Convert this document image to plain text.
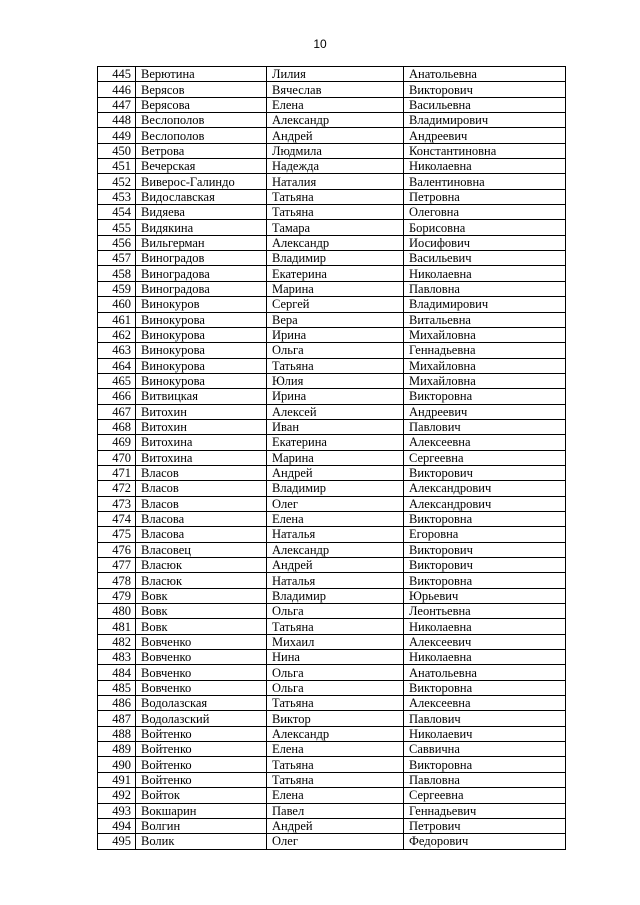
10
445	Верютина	Лилия	Анатольевна
446	Верясов	Вячеслав	Викторович
447	Верясова	Елена	Васильевна
448	Веслополов	Александр	Владимирович
449	Веслополов	Андрей	Андреевич
450	Ветрова	Людмила	Константиновна
451	Вечерская	Надежда	Николаевна
452	Виверос-Галиндо	Наталия	Валентиновна
453	Видославская	Татьяна	Петровна
454	Видяева	Татьяна	Олеговна
455	Видякина	Тамара	Борисовна
456	Вильгерман	Александр	Иосифович
457	Виноградов	Владимир	Васильевич
458	Виноградова	Екатерина	Николаевна
459	Виноградова	Марина	Павловна
460	Винокуров	Сергей	Владимирович
461	Винокурова	Вера	Витальевна
462	Винокурова	Ирина	Михайловна
463	Винокурова	Ольга	Геннадьевна
464	Винокурова	Татьяна	Михайловна
465	Винокурова	Юлия	Михайловна
466	Витвицкая	Ирина	Викторовна
467	Витохин	Алексей	Андреевич
468	Витохин	Иван	Павлович
469	Витохина	Екатерина	Алексеевна
470	Витохина	Марина	Сергеевна
471	Власов	Андрей	Викторович
472	Власов	Владимир	Александрович
473	Власов	Олег	Александрович
474	Власова	Елена	Викторовна
475	Власова	Наталья	Егоровна
476	Власовец	Александр	Викторович
477	Власюк	Андрей	Викторович
478	Власюк	Наталья	Викторовна
479	Вовк	Владимир	Юрьевич
480	Вовк	Ольга	Леонтьевна
481	Вовк	Татьяна	Николаевна
482	Вовченко	Михаил	Алексеевич
483	Вовченко	Нина	Николаевна
484	Вовченко	Ольга	Анатольевна
485	Вовченко	Ольга	Викторовна
486	Водолазская	Татьяна	Алексеевна
487	Водолазский	Виктор	Павлович
488	Войтенко	Александр	Николаевич
489	Войтенко	Елена	Саввична
490	Войтенко	Татьяна	Викторовна
491	Войтенко	Татьяна	Павловна
492	Войток	Елена	Сергеевна
493	Вокшарин	Павел	Геннадьевич
494	Волгин	Андрей	Петрович
495	Волик	Олег	Федорович
